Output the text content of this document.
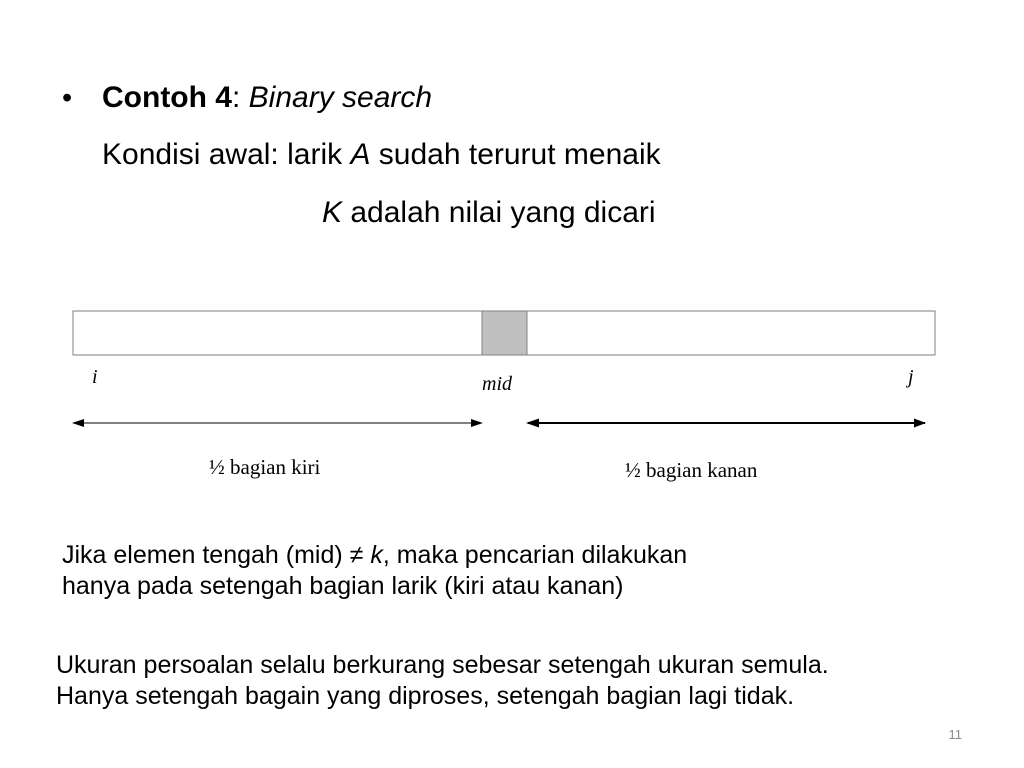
• Contoh 4: Binary search
Kondisi awal: larik A sudah terurut menaik
K adalah nilai yang dicari
i	mid	j
½ bagian kiri	½ bagian kanan
Jika elemen tengah (mid) ≠ k, maka pencarian dilakukan
hanya pada setengah bagian larik (kiri atau kanan)
Ukuran persoalan selalu berkurang sebesar setengah ukuran semula.
Hanya setengah bagain yang diproses, setengah bagian lagi tidak.
11
